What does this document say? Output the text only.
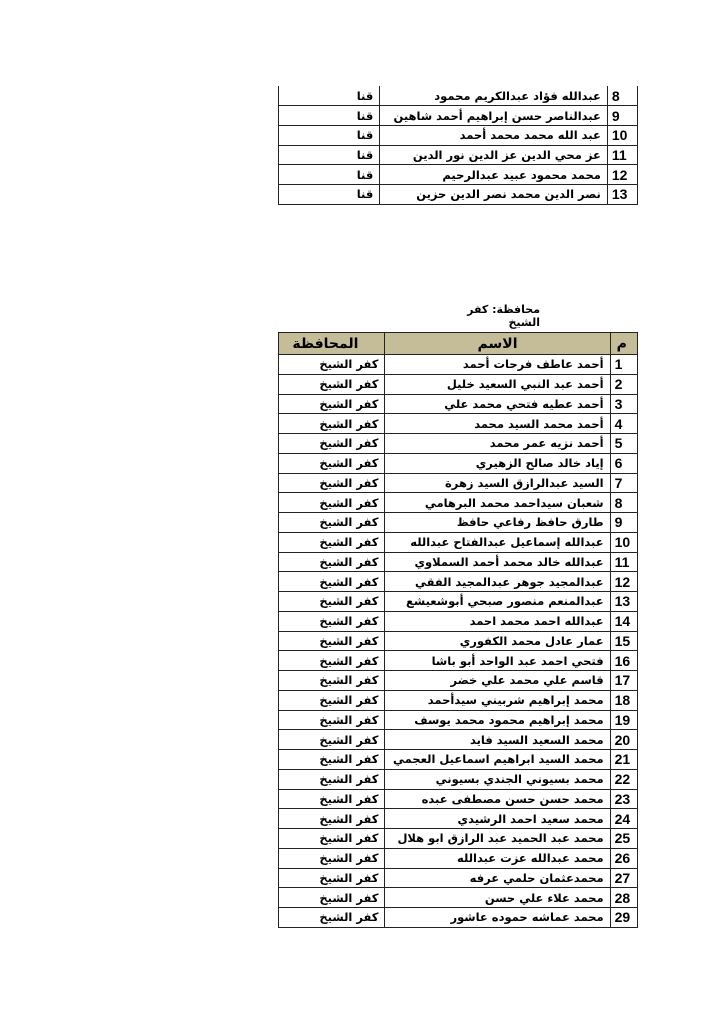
8	عبدالله فؤاد عبدالكريم محمود	قنا
9	عبدالناصر حسن إبراهيم أحمد شاهين	قنا
10	عبد الله محمد محمد أحمد	قنا
11	عز محي الدين عز الدين نور الدين	قنا
12	محمد محمود عبيد عبدالرحيم	قنا
13	نصر الدين محمد نصر الدين حزين	قنا
محافظة: كفر الشيخ
م	الاسم	المحافظة
1	أحمد عاطف فرحات أحمد	كفر الشيخ
2	أحمد عبد النبي السعيد خليل	كفر الشيخ
3	أحمد عطيه فتحي محمد علي	كفر الشيخ
4	أحمد محمد السيد محمد	كفر الشيخ
5	أحمد نزيه عمر محمد	كفر الشيخ
6	إياد خالد صالح الزهيري	كفر الشيخ
7	السيد عبدالرازق السيد زهرة	كفر الشيخ
8	شعبان سيداحمد محمد البرهامي	كفر الشيخ
9	طارق حافظ رفاعي حافظ	كفر الشيخ
10	عبدالله إسماعيل عبدالفتاح عبدالله	كفر الشيخ
11	عبدالله خالد محمد أحمد السملاوي	كفر الشيخ
12	عبدالمجيد جوهر عبدالمجيد الفقي	كفر الشيخ
13	عبدالمنعم منصور صبحي أبوشعيشع	كفر الشيخ
14	عبدالله احمد محمد احمد	كفر الشيخ
15	عمار عادل محمد الكفوري	كفر الشيخ
16	فتحي احمد عبد الواحد أبو باشا	كفر الشيخ
17	قاسم علي محمد علي خضر	كفر الشيخ
18	محمد إبراهيم شربيني سيدأحمد	كفر الشيخ
19	محمد إبراهيم محمود محمد يوسف	كفر الشيخ
20	محمد السعيد السيد فايد	كفر الشيخ
21	محمد السيد ابراهيم اسماعيل العجمي	كفر الشيخ
22	محمد بسيوني الجندي بسيوني	كفر الشيخ
23	محمد حسن حسن مصطفى عبده	كفر الشيخ
24	محمد سعيد احمد الرشيدي	كفر الشيخ
25	محمد عبد الحميد عبد الرازق ابو هلال	كفر الشيخ
26	محمد عبدالله عزت عبدالله	كفر الشيخ
27	محمدعثمان حلمي عرفه	كفر الشيخ
28	محمد علاء علي حسن	كفر الشيخ
29	محمد عماشه حموده عاشور	كفر الشيخ
